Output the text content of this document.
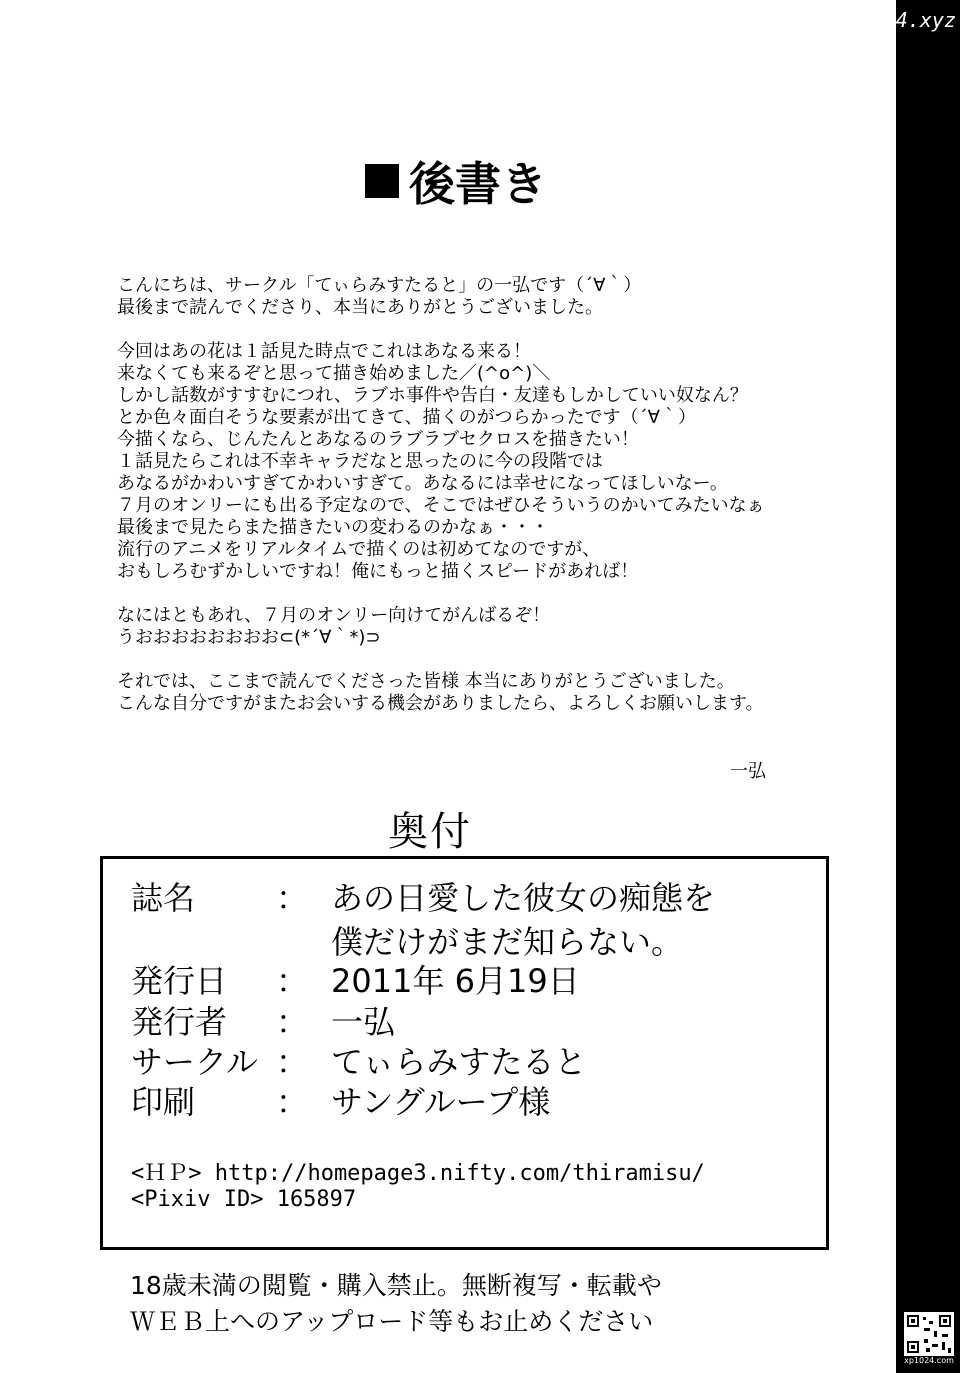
後書き
こんにちは、サークル「てぃらみすたると」の一弘です（´∀｀）
最後まで読んでくださり、本当にありがとうございました。
今回はあの花は１話見た時点でこれはあなる来る！
来なくても来るぞと思って描き始めました／(^o^)＼
しかし話数がすすむにつれ、ラブホ事件や告白・友達もしかしていい奴なん？
とか色々面白そうな要素が出てきて、描くのがつらかったです（´∀｀）
今描くなら、じんたんとあなるのラブラブセクロスを描きたい！
１話見たらこれは不幸キャラだなと思ったのに今の段階では
あなるがかわいすぎてかわいすぎて。あなるには幸せになってほしいなー。
７月のオンリーにも出る予定なので、そこではぜひそういうのかいてみたいなぁ
最後まで見たらまた描きたいの変わるのかなぁ・・・
流行のアニメをリアルタイムで描くのは初めてなのですが、
おもしろむずかしいですね！俺にもっと描くスピードがあれば！
なにはともあれ、７月のオンリー向けてがんばるぞ！
うおおおおおおおお⊂(*´∀｀*)⊃
それでは、ここまで読んでくださった皆様 本当にありがとうございました。
こんな自分ですがまたお会いする機会がありましたら、よろしくお願いします。
一弘
奥付
誌名	： あの日愛した彼女の痴態を
僕だけがまだ知らない。
発行日 ： 2011年 6月19日
発行者 ： 一弘
サークル ： てぃらみすたると
印刷	： サングループ様
<ＨＰ> http://homepage3.nifty.com/thiramisu/
<Pixiv ID> 165897
18歳未満の閲覧・購入禁止。無断複写・転載や
ＷＥＢ上へのアップロード等もお止めください
94.xyz
xp1024.com
